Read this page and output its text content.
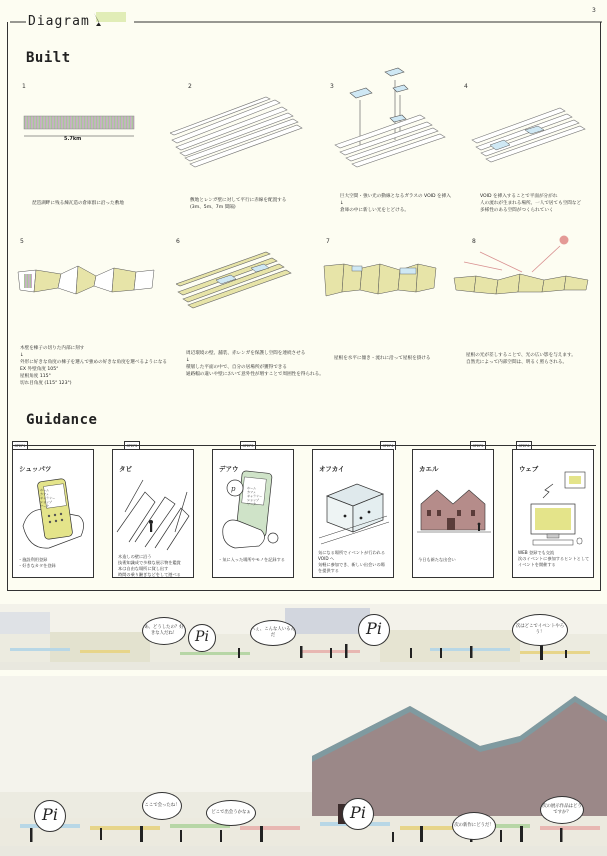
Diagram
3
Built
1	2	3	4
5.7km
琵琶湖畔に残る煉瓦造の倉庫群に沿った敷地
敷地とレンガ壁に対して平行に赤線を配置する
(3m、5m、7m 間隔)
巨大空間・強い光の動線となるガラスの VOID を挿入
↓
倉庫の中に新しい光をとどける。
VOID を挿入することで平面が分がれ
人の流れが生まれる場所。一人で居ても空間など
多様性のある空間がつくられていく
5	6	7	8
木壁を棟子の切りた内部に刻す
↓
外形に好きな角度の棟子を選んで強めの好きな角度を選べるようになる
EX 外壁角度 105°
屋根角度 115°
切れ目角度 (115° 123°)
周辺環境の壁、舗装、赤レンガを保護し空間を連続させる
↓
積層した平面の中で、自分の居場所が獲得できる
通路幅の違いや壁において意外性が増すことで周囲性を得られる。
屋根を水平に傾き・流れに沿って屋根を掛ける
屋根の光が差しすることで、光の広い影を与えます。
自然光によって内部空間は、明るく照らされる。
Guidance
STEP1	STEP2	STEP3	STEP4	STEP5	STEP6
シュッパツ
ホーム
カフェ
ギャラリー
ショップ
ワーク
・施設利用登録
・好きなカタを登録
タビ
木造しの壁に沿う
技術知識成で多様な展示物を鑑賞
本は自由な場所に貸し出す
時間の乗り継ぎなどをして遊べる
デアウ
p	ホーム
カフェ
ギャラリー
ショップ
ワーク
・気に入った場所やモノを記録する
オフカイ
気になる場所でイベントが行われる VOID へ
気軽に参加でき、新しい出会いの場
を提供する
カエル
今日も新たな出会い
ウェブ
WEB 登録でも交流
次のイベントに参加するヒントとして
イベントを開催する
あ、どうしたの？好きな人だね！	Pi	へぇ、こんな人いるんだ	Pi	次はどこでイベントやろう！
Pi	ここで会ったね！
どこで出会うかなぁ	Pi
次の新作にどうだ！
次の展示作品はどうですか？
